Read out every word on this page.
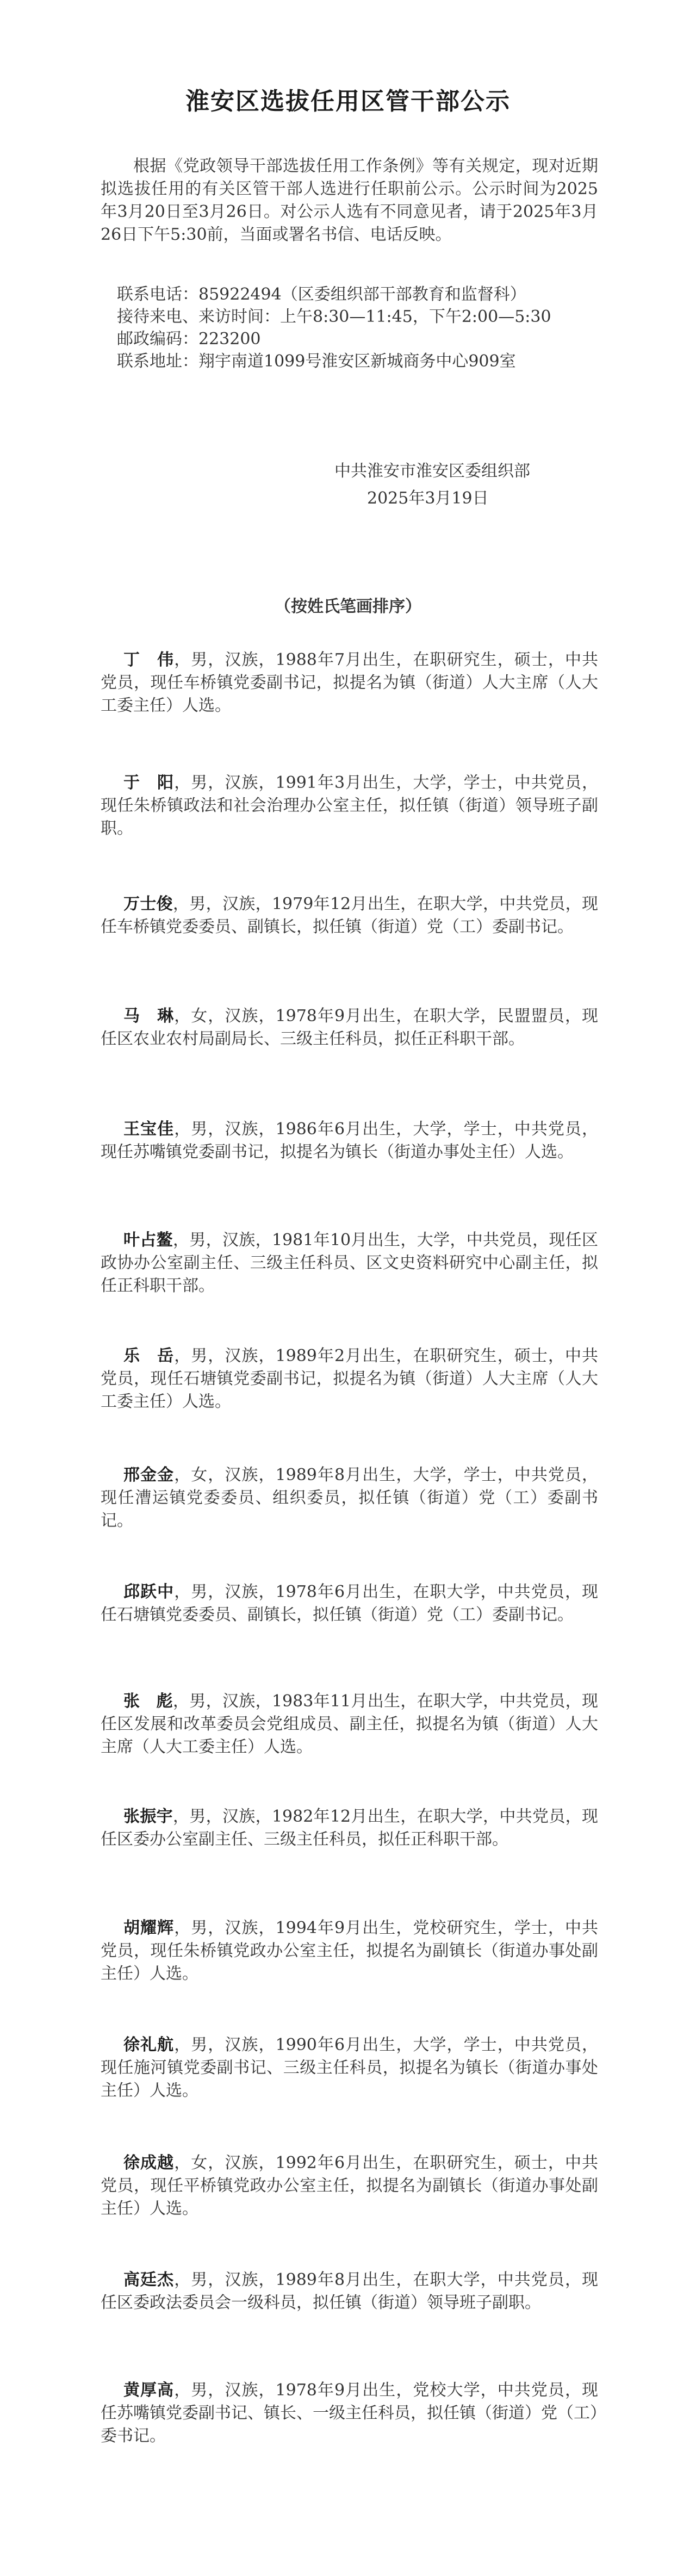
淮安区选拔任用区管干部公示

根据《党政领导干部选拔任用工作条例》等有关规定，现对近期拟选拔任用的有关区管干部人选进行任职前公示。公示时间为2025年3月20日至3月26日。对公示人选有不同意见者，请于2025年3月26日下午5:30前，当面或署名书信、电话反映。

联系电话：85922494（区委组织部干部教育和监督科）
接待来电、来访时间：上午8:30—11:45，下午2:00—5:30
邮政编码：223200
联系地址：翔宇南道1099号淮安区新城商务中心909室
中共淮安市淮安区委组织部
2025年3月19日
（按姓氏笔画排序）

丁　伟，男，汉族，1988年7月出生，在职研究生，硕士，中共党员，现任车桥镇党委副书记，拟提名为镇（街道）人大主席（人大工委主任）人选。

于　阳，男，汉族，1991年3月出生，大学，学士，中共党员，现任朱桥镇政法和社会治理办公室主任，拟任镇（街道）领导班子副职。

万士俊，男，汉族，1979年12月出生，在职大学，中共党员，现任车桥镇党委委员、副镇长，拟任镇（街道）党（工）委副书记。

马　琳，女，汉族，1978年9月出生，在职大学，民盟盟员，现任区农业农村局副局长、三级主任科员，拟任正科职干部。

王宝佳，男，汉族，1986年6月出生，大学，学士，中共党员，现任苏嘴镇党委副书记，拟提名为镇长（街道办事处主任）人选。

叶占鳌，男，汉族，1981年10月出生，大学，中共党员，现任区政协办公室副主任、三级主任科员、区文史资料研究中心副主任，拟任正科职干部。

乐　岳，男，汉族，1989年2月出生，在职研究生，硕士，中共党员，现任石塘镇党委副书记，拟提名为镇（街道）人大主席（人大工委主任）人选。

邢金金，女，汉族，1989年8月出生，大学，学士，中共党员，现任漕运镇党委委员、组织委员，拟任镇（街道）党（工）委副书记。

邱跃中，男，汉族，1978年6月出生，在职大学，中共党员，现任石塘镇党委委员、副镇长，拟任镇（街道）党（工）委副书记。

张　彪，男，汉族，1983年11月出生，在职大学，中共党员，现任区发展和改革委员会党组成员、副主任，拟提名为镇（街道）人大主席（人大工委主任）人选。

张振宇，男，汉族，1982年12月出生，在职大学，中共党员，现任区委办公室副主任、三级主任科员，拟任正科职干部。

胡耀辉，男，汉族，1994年9月出生，党校研究生，学士，中共党员，现任朱桥镇党政办公室主任，拟提名为副镇长（街道办事处副主任）人选。

徐礼航，男，汉族，1990年6月出生，大学，学士，中共党员，现任施河镇党委副书记、三级主任科员，拟提名为镇长（街道办事处主任）人选。

徐成越，女，汉族，1992年6月出生，在职研究生，硕士，中共党员，现任平桥镇党政办公室主任，拟提名为副镇长（街道办事处副主任）人选。

高廷杰，男，汉族，1989年8月出生，在职大学，中共党员，现任区委政法委员会一级科员，拟任镇（街道）领导班子副职。

黄厚高，男，汉族，1978年9月出生，党校大学，中共党员，现任苏嘴镇党委副书记、镇长、一级主任科员，拟任镇（街道）党（工）委书记。
